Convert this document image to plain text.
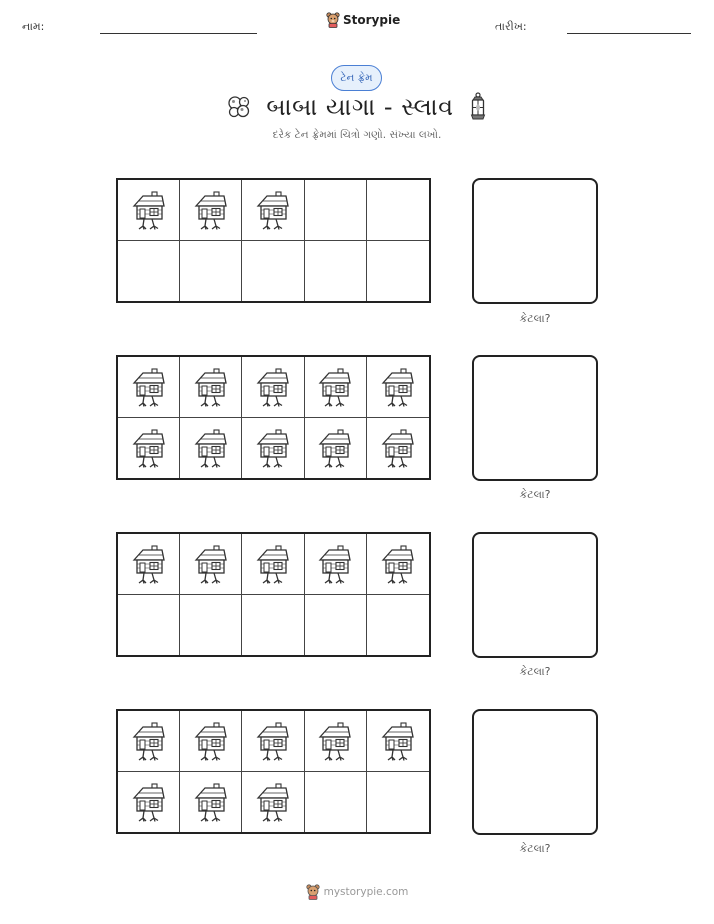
નામ:	Storypie	તારીખ:
ટેન ફ્રેમ
બાબા યાગા - સ્લાવ
દરેક ટેન ફ્રેમમાં ચિત્રો ગણો. સંખ્યા લખો.
કેટલા?
કેટલા?
કેટલા?
કેટલા?
mystorypie.com
